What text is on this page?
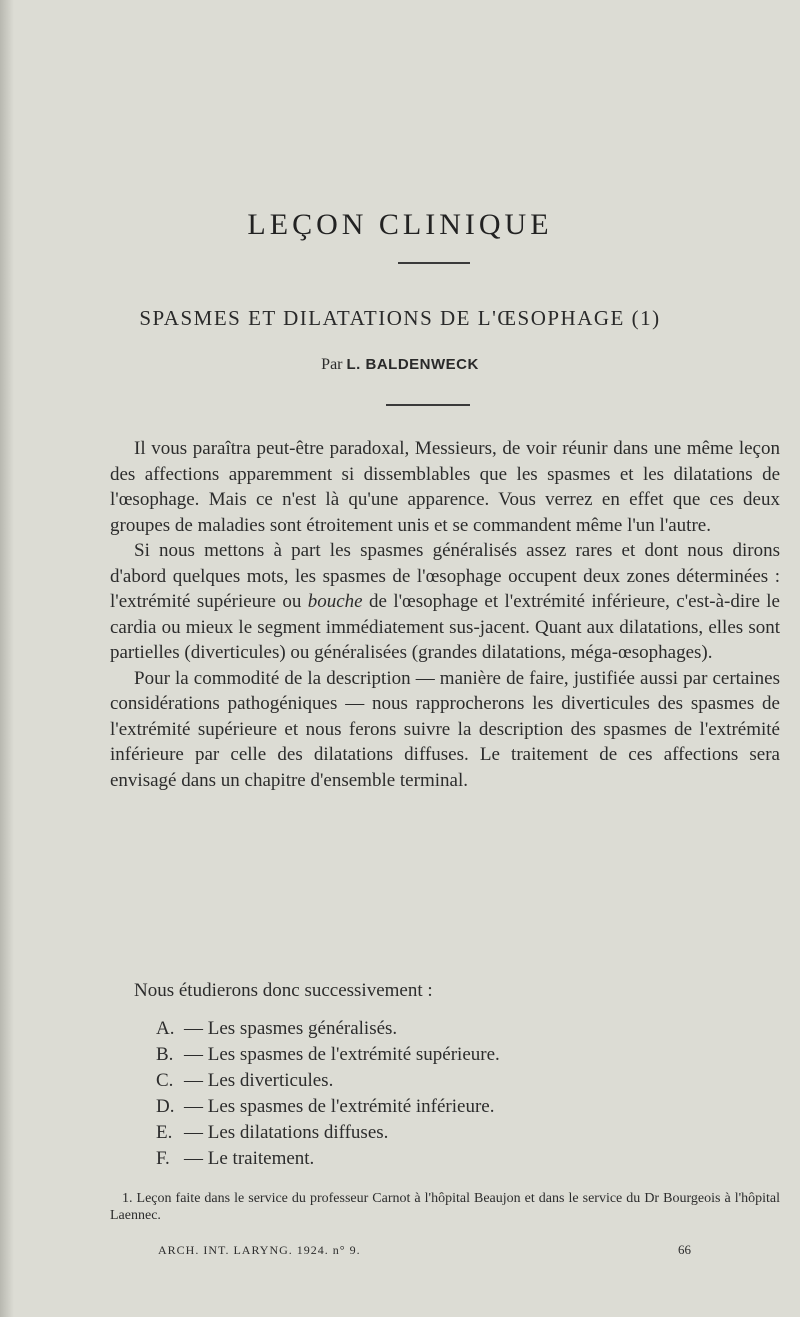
LEÇON CLINIQUE
SPASMES ET DILATATIONS DE L'ŒSOPHAGE (1)
Par L. BALDENWECK

Il vous paraîtra peut-être paradoxal, Messieurs, de voir réunir dans une même leçon des affections apparemment si dissemblables que les spasmes et les dilatations de l'œsophage. Mais ce n'est là qu'une apparence. Vous verrez en effet que ces deux groupes de maladies sont étroitement unis et se commandent même l'un l'autre.

Si nous mettons à part les spasmes généralisés assez rares et dont nous dirons d'abord quelques mots, les spasmes de l'œsophage occupent deux zones déterminées : l'extrémité supérieure ou bouche de l'œsophage et l'extrémité inférieure, c'est-à-dire le cardia ou mieux le segment immédiatement sus-jacent. Quant aux dilatations, elles sont partielles (diverticules) ou généralisées (grandes dilatations, méga-œsophages).

Pour la commodité de la description — manière de faire, justifiée aussi par certaines considérations pathogéniques — nous rapprocherons les diverticules des spasmes de l'extrémité supérieure et nous ferons suivre la description des spasmes de l'extrémité inférieure par celle des dilatations diffuses. Le traitement de ces affections sera envisagé dans un chapitre d'ensemble terminal.

Nous étudierons donc successivement :
A. — Les spasmes généralisés.
B. — Les spasmes de l'extrémité supérieure.
C. — Les diverticules.
D. — Les spasmes de l'extrémité inférieure.
E. — Les dilatations diffuses.
F. — Le traitement.
1. Leçon faite dans le service du professeur Carnot à l'hôpital Beaujon et dans le service du Dr Bourgeois à l'hôpital Laennec.
ARCH. INT. LARYNG. 1924. n° 9.	66
